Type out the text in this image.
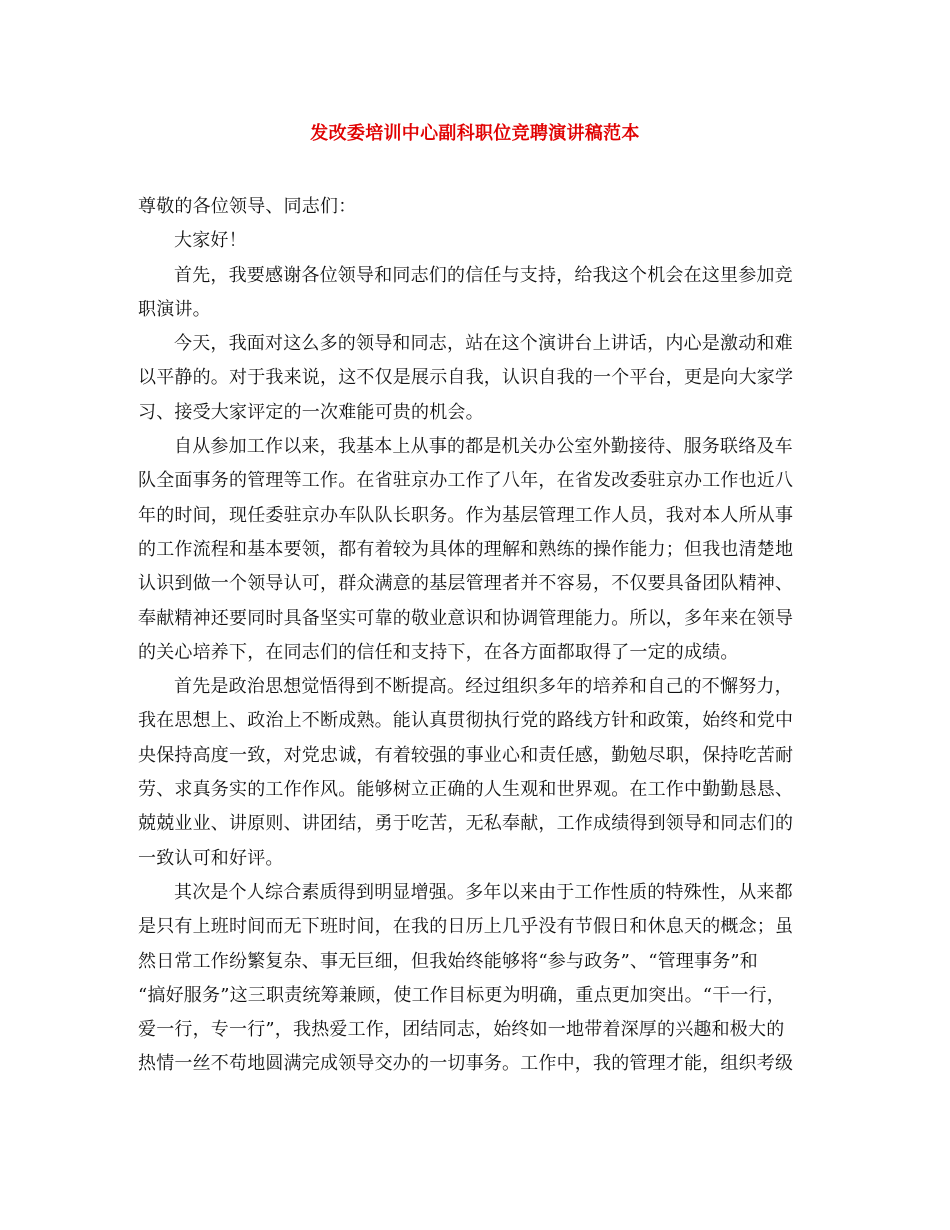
发改委培训中心副科职位竞聘演讲稿范本
尊敬的各位领导、同志们：
大家好！
首先，我要感谢各位领导和同志们的信任与支持，给我这个机会在这里参加竞
职演讲。
今天，我面对这么多的领导和同志，站在这个演讲台上讲话，内心是激动和难
以平静的。对于我来说，这不仅是展示自我，认识自我的一个平台，更是向大家学
习、接受大家评定的一次难能可贵的机会。
自从参加工作以来，我基本上从事的都是机关办公室外勤接待、服务联络及车
队全面事务的管理等工作。在省驻京办工作了八年，在省发改委驻京办工作也近八
年的时间，现任委驻京办车队队长职务。作为基层管理工作人员，我对本人所从事
的工作流程和基本要领，都有着较为具体的理解和熟练的操作能力；但我也清楚地
认识到做一个领导认可，群众满意的基层管理者并不容易，不仅要具备团队精神、
奉献精神还要同时具备坚实可靠的敬业意识和协调管理能力。所以，多年来在领导
的关心培养下，在同志们的信任和支持下，在各方面都取得了一定的成绩。
首先是政治思想觉悟得到不断提高。经过组织多年的培养和自己的不懈努力，
我在思想上、政治上不断成熟。能认真贯彻执行党的路线方针和政策，始终和党中
央保持高度一致，对党忠诚，有着较强的事业心和责任感，勤勉尽职，保持吃苦耐
劳、求真务实的工作作风。能够树立正确的人生观和世界观。在工作中勤勤恳恳、
兢兢业业、讲原则、讲团结，勇于吃苦，无私奉献，工作成绩得到领导和同志们的
一致认可和好评。
其次是个人综合素质得到明显增强。多年以来由于工作性质的特殊性，从来都
是只有上班时间而无下班时间，在我的日历上几乎没有节假日和休息天的概念；虽
然日常工作纷繁复杂、事无巨细，但我始终能够将“参与政务”、“管理事务”和
“搞好服务”这三职责统筹兼顾，使工作目标更为明确，重点更加突出。“干一行，
爱一行，专一行”，我热爱工作，团结同志，始终如一地带着深厚的兴趣和极大的
热情一丝不苟地圆满完成领导交办的一切事务。工作中，我的管理才能，组织考级
